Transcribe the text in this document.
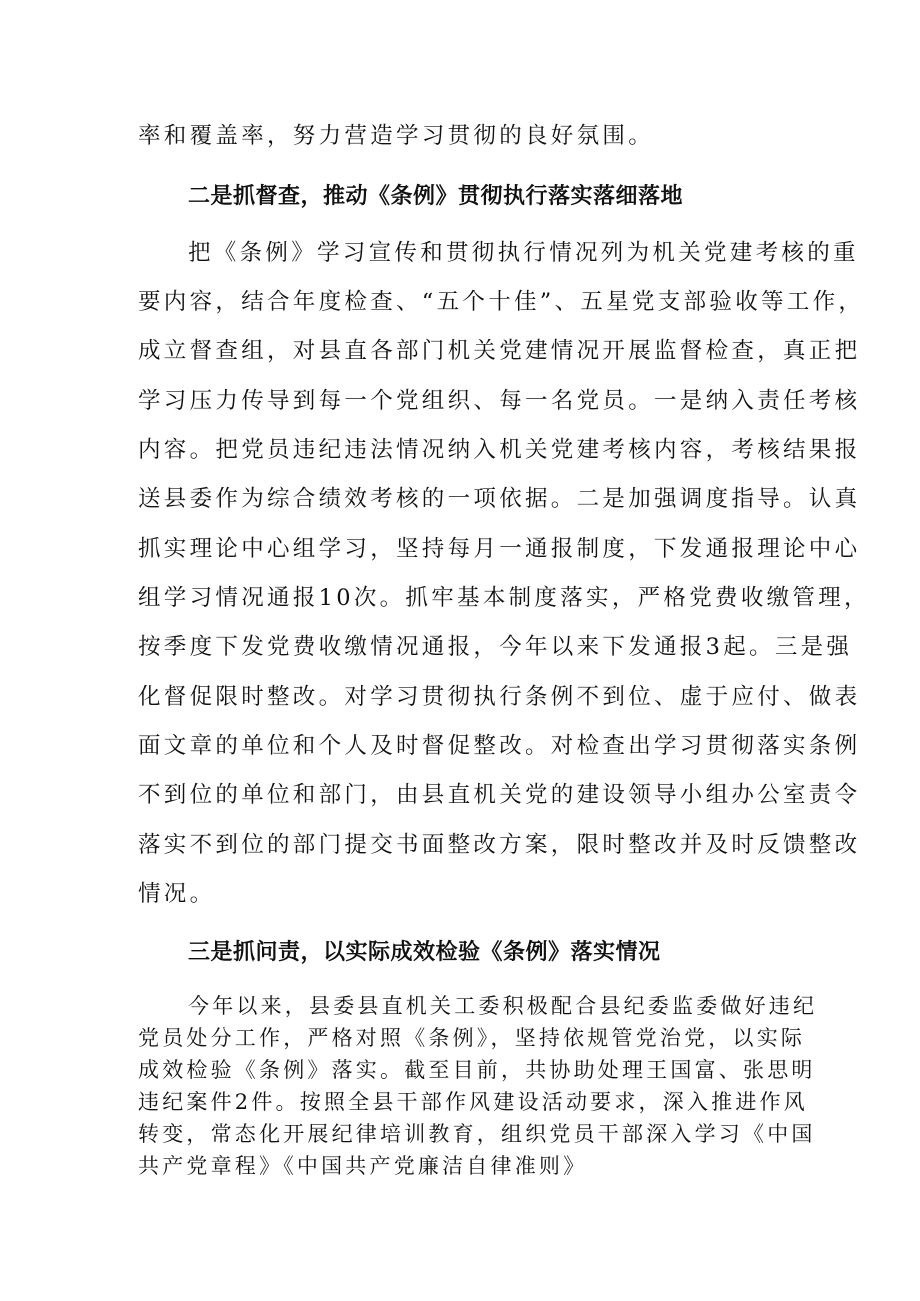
率和覆盖率，努力营造学习贯彻的良好氛围。

二是抓督查，推动《条例》贯彻执行落实落细落地

把《条例》学习宣传和贯彻执行情况列为机关党建考核的重

要内容，结合年度检查、“五个十佳”、五星党支部验收等工作，

成立督查组，对县直各部门机关党建情况开展监督检查，真正把

学习压力传导到每一个党组织、每一名党员。一是纳入责任考核

内容。把党员违纪违法情况纳入机关党建考核内容，考核结果报

送县委作为综合绩效考核的一项依据。二是加强调度指导。认真

抓实理论中心组学习，坚持每月一通报制度，下发通报理论中心

组学习情况通报10次。抓牢基本制度落实，严格党费收缴管理，

按季度下发党费收缴情况通报，今年以来下发通报3起。三是强

化督促限时整改。对学习贯彻执行条例不到位、虚于应付、做表

面文章的单位和个人及时督促整改。对检查出学习贯彻落实条例

不到位的单位和部门，由县直机关党的建设领导小组办公室责令

落实不到位的部门提交书面整改方案，限时整改并及时反馈整改

情况。

三是抓问责，以实际成效检验《条例》落实情况

今年以来，县委县直机关工委积极配合县纪委监委做好违纪

党员处分工作，严格对照《条例》，坚持依规管党治党，以实际

成效检验《条例》落实。截至目前，共协助处理王国富、张思明

违纪案件2件。按照全县干部作风建设活动要求，深入推进作风

转变，常态化开展纪律培训教育，组织党员干部深入学习《中国

共产党章程》《中国共产党廉洁自律准则》
